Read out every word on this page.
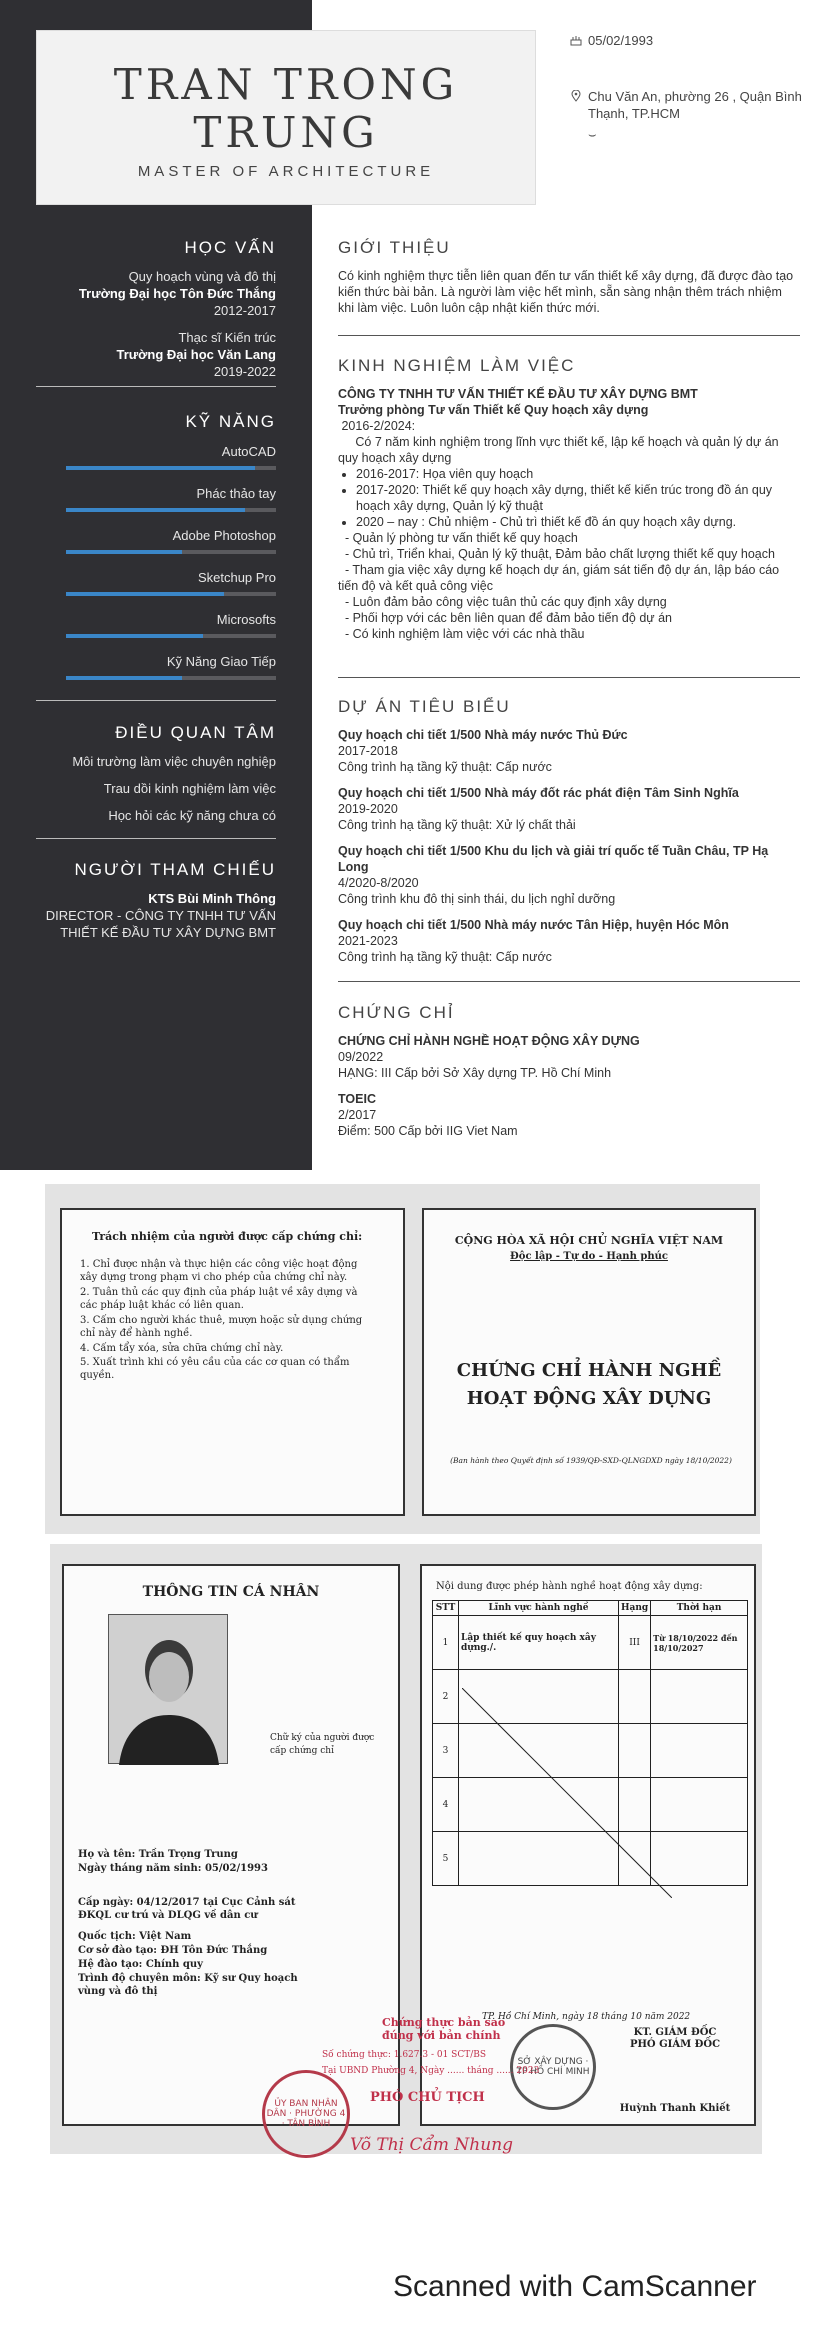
TRAN TRONG
TRUNG
MASTER OF ARCHITECTURE
05/02/1993
Chu Văn An, phường 26 , Quận Bình Thạnh, TP.HCM
⌣
HỌC VẤN
Quy hoạch vùng và đô thị
Trường Đại học Tôn Đức Thắng
2012-2017
Thạc sĩ Kiến trúc
Trường Đại học Văn Lang
2019-2022
KỸ NĂNG
AutoCAD
Phác thảo tay
Adobe Photoshop
Sketchup Pro
Microsofts
Kỹ Năng Giao Tiếp
ĐIỀU QUAN TÂM
Môi trường làm việc chuyên nghiệp
Trau dồi kinh nghiệm làm việc
Học hỏi các kỹ năng chưa có
NGƯỜI THAM CHIẾU
KTS Bùi Minh Thông
DIRECTOR - CÔNG TY TNHH TƯ VẤN
THIẾT KẾ ĐẦU TƯ XÂY DỰNG BMT
GIỚI THIỆU
Có kinh nghiệm thực tiễn liên quan đến tư vấn thiết kế xây dựng, đã được đào tạo kiến thức bài bản. Là người làm việc hết mình, sẵn sàng nhận thêm trách nhiệm khi làm việc. Luôn luôn cập nhật kiến thức mới.
KINH NGHIỆM LÀM VIỆC
CÔNG TY TNHH TƯ VẤN THIẾT KẾ ĐẦU TƯ XÂY DỰNG BMT
Trưởng phòng Tư vấn Thiết kế Quy hoạch xây dựng
2016-2/2024:
Có 7 năm kinh nghiệm trong lĩnh vực thiết kế, lập kế hoạch và quản lý dự án quy hoạch xây dựng
• 2016-2017: Họa viên quy hoạch
• 2017-2020: Thiết kế quy hoạch xây dựng, thiết kế kiến trúc trong đồ án quy hoạch xây dựng, Quản lý kỹ thuật
• 2020 – nay : Chủ nhiệm - Chủ trì thiết kế đồ án quy hoạch xây dựng.
- Quản lý phòng tư vấn thiết kế quy hoạch
- Chủ trì, Triển khai, Quản lý kỹ thuật, Đảm bảo chất lượng thiết kế quy hoạch
- Tham gia việc xây dựng kế hoạch dự án, giám sát tiến độ dự án, lập báo cáo tiến độ và kết quả công việc
- Luôn đảm bảo công việc tuân thủ các quy định xây dựng
- Phối hợp với các bên liên quan để đảm bảo tiến độ dự án
- Có kinh nghiệm làm việc với các nhà thầu
DỰ ÁN TIÊU BIỂU
Quy hoạch chi tiết 1/500 Nhà máy nước Thủ Đức
2017-2018
Công trình hạ tầng kỹ thuật: Cấp nước
Quy hoạch chi tiết 1/500 Nhà máy đốt rác phát điện Tâm Sinh Nghĩa
2019-2020
Công trình hạ tầng kỹ thuật: Xử lý chất thải
Quy hoạch chi tiết 1/500 Khu du lịch và giải trí quốc tế Tuần Châu, TP Hạ Long
4/2020-8/2020
Công trình khu đô thị sinh thái, du lịch nghỉ dưỡng
Quy hoạch chi tiết 1/500 Nhà máy nước Tân Hiệp, huyện Hóc Môn
2021-2023
Công trình hạ tầng kỹ thuật: Cấp nước
CHỨNG CHỈ
CHỨNG CHỈ HÀNH NGHỀ HOẠT ĐỘNG XÂY DỰNG
09/2022
HẠNG: III Cấp bởi Sở Xây dựng TP. Hồ Chí Minh
TOEIC
2/2017
Điểm: 500 Cấp bởi IIG Viet Nam
Trách nhiệm của người được cấp chứng chỉ:
1. Chỉ được nhận và thực hiện các công việc hoạt động xây dựng trong phạm vi cho phép của chứng chỉ này.
2. Tuân thủ các quy định của pháp luật về xây dựng và các pháp luật khác có liên quan.
3. Cấm cho người khác thuê, mượn hoặc sử dụng chứng chỉ này để hành nghề.
4. Cấm tẩy xóa, sửa chữa chứng chỉ này.
5. Xuất trình khi có yêu cầu của các cơ quan có thẩm quyền.
CỘNG HÒA XÃ HỘI CHỦ NGHĨA VIỆT NAM
Độc lập - Tự do - Hạnh phúc
CHỨNG CHỈ HÀNH NGHỀ
HOẠT ĐỘNG XÂY DỰNG
(Ban hành theo Quyết định số 1939/QĐ-SXD-QLNGDXD ngày 18/10/2022)
THÔNG TIN CÁ NHÂN
Chữ ký của người được cấp chứng chỉ
Họ và tên: Trần Trọng Trung
Ngày tháng năm sinh: 05/02/1993
Cấp ngày: 04/12/2017 tại Cục Cảnh sát ĐKQL cư trú và DLQG về dân cư
Quốc tịch: Việt Nam
Cơ sở đào tạo: ĐH Tôn Đức Thắng
Hệ đào tạo: Chính quy
Trình độ chuyên môn: Kỹ sư Quy hoạch vùng và đô thị
Nội dung được phép hành nghề hoạt động xây dựng:
STT	Lĩnh vực hành nghề	Hạng	Thời hạn
1	Lập thiết kế quy hoạch xây dựng./.	III	Từ 18/10/2022 đến 18/10/2027
2			
3			
4			
5			
TP. Hồ Chí Minh, ngày 18 tháng 10 năm 2022
KT. GIÁM ĐỐC
PHÓ GIÁM ĐỐC
Huỳnh Thanh Khiết
SỞ XÂY DỰNG · TP HỒ CHÍ MINH
ỦY BAN NHÂN DÂN · PHƯỜNG 4 · TÂN BÌNH
Chứng thực bản sao đúng với bản chính
Số chứng thực: 1.627.3 - 01 SCT/BS
Tại UBND Phường 4, Ngày ...... tháng ...... 2023
PHÓ CHỦ TỊCH
Võ Thị Cẩm Nhung
Scanned with CamScanner
